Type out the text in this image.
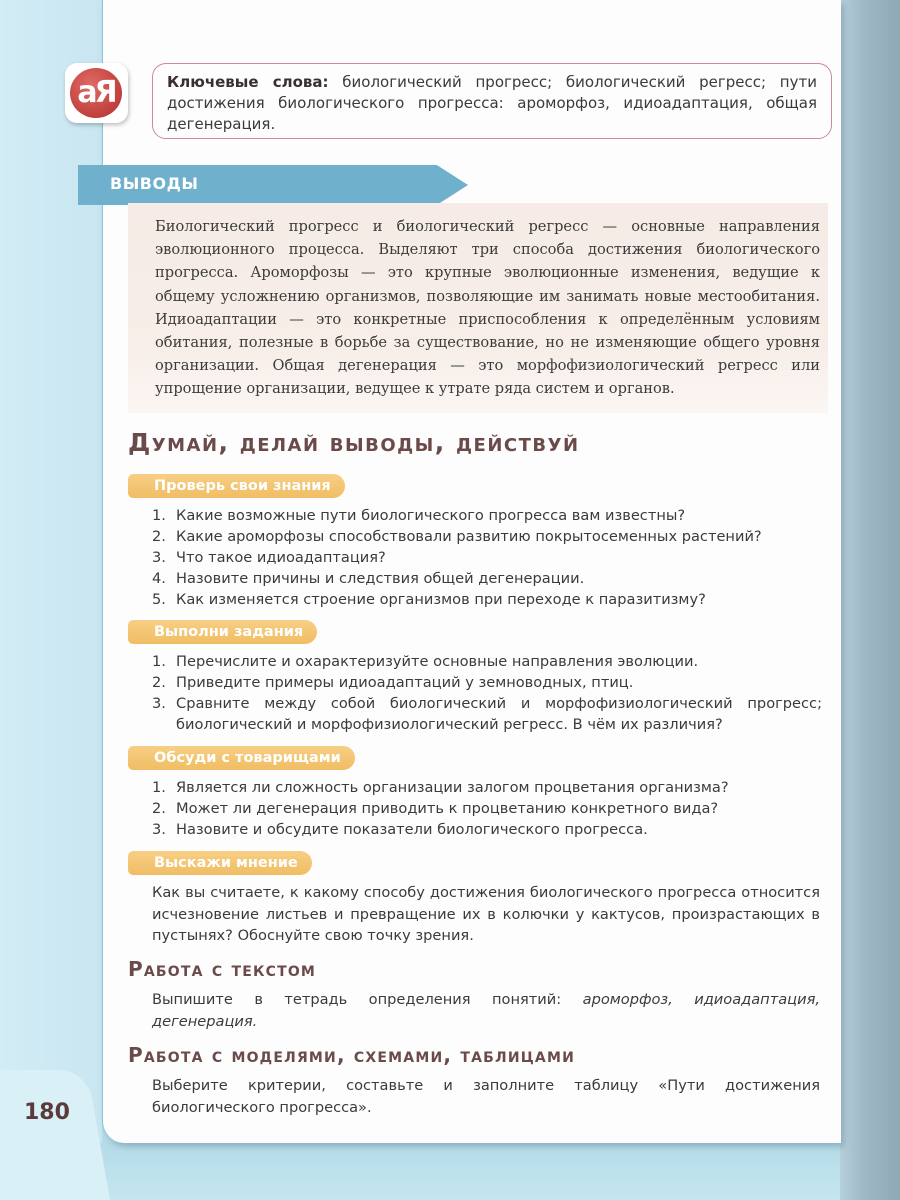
180
аЯ	Ключевые слова: биологический прогресс; биологический регресс; пути достижения биологического прогресса: ароморфоз, идиоадаптация, общая дегенерация.
ВЫВОДЫ
Биологический прогресс и биологический регресс — основные направления эволюционного процесса. Выделяют три способа достижения биологического прогресса. Ароморфозы — это крупные эволюционные изменения, ведущие к общему усложнению организмов, позволяющие им занимать новые местообитания. Идиоадаптации — это конкретные приспособления к определённым условиям обитания, полезные в борьбе за существование, но не изменяющие общего уровня организации. Общая дегенерация — это морфофизиологический регресс или упрощение организации, ведущее к утрате ряда систем и органов.
Думай, делай выводы, действуй
Проверь свои знания
1. Какие возможные пути биологического прогресса вам известны?
2. Какие ароморфозы способствовали развитию покрытосеменных растений?
3. Что такое идиоадаптация?
4. Назовите причины и следствия общей дегенерации.
5. Как изменяется строение организмов при переходе к паразитизму?
Выполни задания
1. Перечислите и охарактеризуйте основные направления эволюции.
2. Приведите примеры идиоадаптаций у земноводных, птиц.
3. Сравните между собой биологический и морфофизиологический прогресс; биологический и морфофизиологический регресс. В чём их различия?
Обсуди с товарищами
1. Является ли сложность организации залогом процветания организма?
2. Может ли дегенерация приводить к процветанию конкретного вида?
3. Назовите и обсудите показатели биологического прогресса.
Выскажи мнение
Как вы считаете, к какому способу достижения биологического прогресса относится исчезновение листьев и превращение их в колючки у кактусов, произрастающих в пустынях? Обоснуйте свою точку зрения.
Работа с текстом
Выпишите в тетрадь определения понятий: ароморфоз, идиоадаптация, дегенерация.
Работа с моделями, схемами, таблицами
Выберите критерии, составьте и заполните таблицу «Пути достижения биологического прогресса».
